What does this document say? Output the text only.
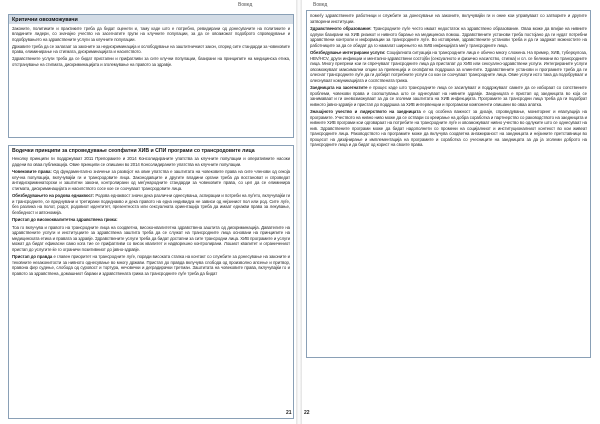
Вовед
Критични овозможувачи

Законите, политиките и практиките треба да бидат оценети и, таму каде што е потребно, ревидирани од донесувачите на политиките и владините лидери, со значајно учество на засегнатите групи на клучните популации, за да се овозможат пoдоброто спроведување и подобрувањето на здравствените услуги за клучните популации.

Државите треба да се залагаат за законите за недискриминација и ослободување на заштитничкиот закон, според сите стандарди за човековите права, елиминирање на стигмата, дискриминацијата и насилството.

Здравствените услуги треба да се бидат пристапни и прифатливи за сите клучни популации, базирани на принципите на медицинска етика, отстранување на стигмата, дискриминацијата и зголемување на правото за здравје.

Водечки принципи за спроведување сеопфатни ХИВ и СПИ програми со трансродовите лица

Неколку принципи ги поддржуваат 2011 Препораките и 2014 Консолидираните упатства за клучните популации и оперативните насоки дадени во оваа публикација. Овие принципи се опишани во 2014 Консолидираните упатства на клучните популации.

Човековите права: Од фундаментално значење за развојот на овие упатства е заштитата на човековите права на сите членови од секоја клучна популација, вклучувајќи ги и трансродовите лица. Законодавците и другите владини органи треба да востановат и спроведат антидискриминаторски и заштитни закони, контролирани од меѓународните стандарди за човековите права, со цел да се елиминира стигмата, дискриминацијата и насилството сосе кое се соочуваат трансродовите лица.

Обезбедувањето на родова еднаквост: Родова еднаквост значи дека различни однесувања, аспирации и потреби на луѓето, вклучувајќи ги и трансродните, се вреднувани и третирани подеднакво и дека правото на една индивидуа не зависи од нејзиниот пол или род. Сите луѓе, без разлика на полот, родот, родовиот идентитет, презентноста или сексуалната ориентација треба да имаат еднакви права за лекување, безбедност и автономија.

Пристап до висококвалитетна здравствена грижа:

Тоа го вклучува и правото на трансродните лица на соодветна, високо-квалитетна здравствена заштита од дискриминација. Давателите на здравствените услуги и институциите за здравствена заштита треба да се служат на трансродните лица основани на принципите на медицинската етика и правата за здравје. Здравствените услуги треба да бидат достапни за сите трансродни лица. ХИВ програмите и услуги можат да бидат ефикасни само кога тие се прифатливи со висок квалитет и надворешно контролирани. Лошиот квалитет и ограничениот пристап до услугите ќе го ограничи позитивниот до јавно-здравје.

Пристап до правда е главен приоритет на трансродните луѓе, поради високата стапка на контакт со службите за донесување на законите и тековните незаконитости за нивното однесување во многу држави. Пристап до правда вклучува слобода од произволно апсење и притвор, правона фер судење, слобода од суровост и тортура, нечовечки и деградирачки третман. Заштитата на човековите права, вклучувајќи го и правото за здравствена, домашниот бараки и здравствената грижа за трансродните луѓе треба да бидат

21
Вовед

помеѓу здравствените работници и службите за донесување на законите, вклучувајќи ги и оние кои управуваат со затворите и другите затворени институции.

Здравственото образование: Трансродните луѓе често имаат недостаток на здравствено образование. Оваа може да влијае на нивните одлуки базирани на ХИВ ризикот и нивното барање на медицинска помош. Здравствените установи треба постојано да ги нудат потребни здравствени контроли и информации за трансродните луѓе. Во истовреме, здравствените установи треба и да ги задржат можностите на работниците за да се обидат да го намалат ширењето на ХИВ инфекцијата меѓу трансродните лица.

Обезбедување интегрирани услуги: Социјалната ситуација на трансродните лица е обично многу сложена. На пример, ХИВ, туберкулоза, HBV/HCV, други инфекции и ментално-здравствени состојби (сексуалното и физичко насилство, стигма) и сл. се бележани во трансродните лица. Многу препреки кои ги спречуваат трансродните лица да пристапат до ХИВ или сексуално-здравствени услуги. Интегрираните услуги овозможуваат максимални опции за превенција и сеопфатна поддршка за клиентите. Здравствените установи и програмите треба да ги олеснат трансродните луѓе да ги добијат потребните услуги со кои се соочуваат трансродните лица. Овие услуги исто така да подобруваат и олеснуваат комуникацијата и соспствената грижа.

Заедницата на засегнатите е процес каде што трансродните лица се засилуваат и поддржуваат самите да се избораат со сопствените проблеми, човекови права и соопштувања што се однесуваат на нивните здравје. Заедницата е пристап од заедницата во која се занимаваат и ги оневозможуваат за да се зголеми заштитата на ХИВ инфекцијата. Програмите за трансродни лица треба да ги подобрат нивното јавно-здравје и пристап до поддршка за ХИВ интервенции и програмски компоненти опишани во оваа алатка.

Значајното учество и лидерството на заедницата е од особена важност за дизајн, спроведување, мониторинг и евалуација на програмите. Учеството на нивно ниво може да се оствари со креирање на добра соработка и партнерство со раководството на заедницата и нивните ХИВ програми кои одговараат на потребите на трансродните луѓе и овозможуваат нивно учество во одлуките што се однесуваат на нив. Здравствените програми може да бидат надополнети со промени на социјалниот и институционалниот контекст во кои живеат трансродните лица. Раководството на програмите може да вклучува соодветна ангажираност на заедницата и нејзините претставници во процесот на дизајнирање и имплементација на програмите и соработка со учесниците на заедницата за да ја зголеми доброто на трансродните лица и да бидат од корист на своите права.

22
